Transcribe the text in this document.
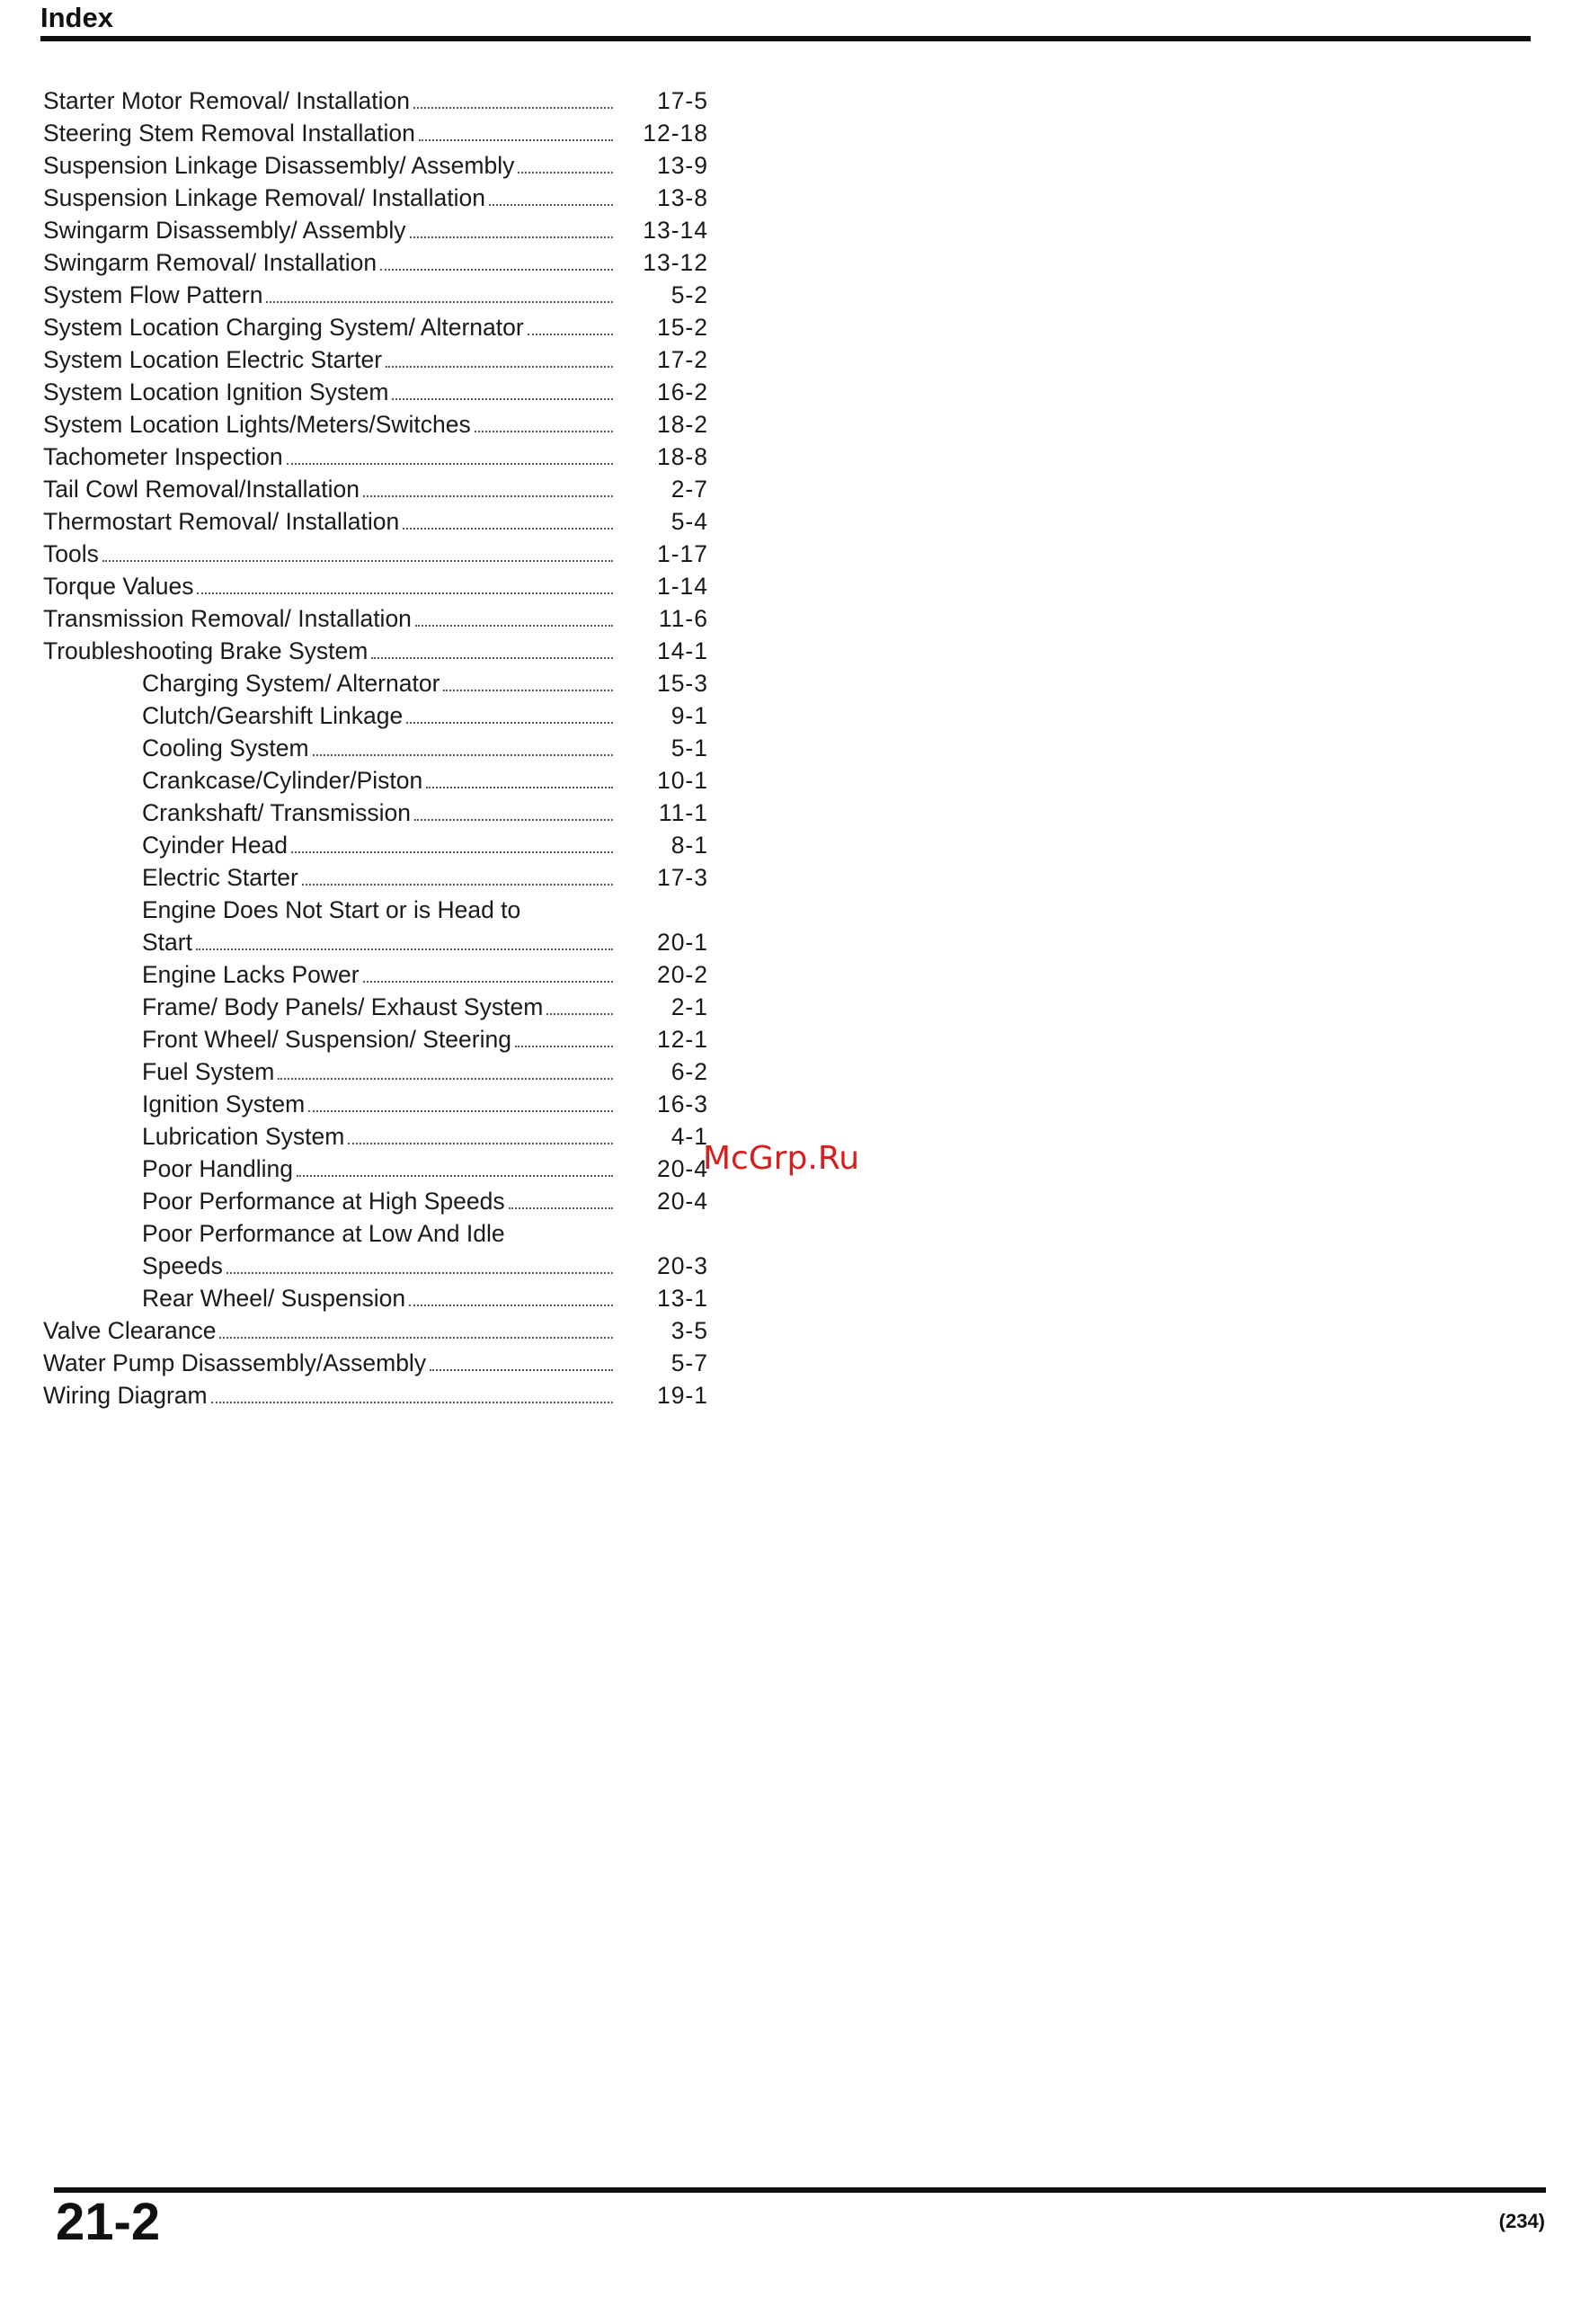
Index
Starter Motor Removal/ Installation	17-5
Steering Stem Removal Installation	12-18
Suspension Linkage Disassembly/ Assembly	13-9
Suspension Linkage Removal/ Installation	13-8
Swingarm Disassembly/ Assembly	13-14
Swingarm Removal/ Installation	13-12
System Flow Pattern	5-2
System Location Charging System/ Alternator	15-2
System Location Electric Starter	17-2
System Location Ignition System	16-2
System Location Lights/Meters/Switches	18-2
Tachometer Inspection	18-8
Tail Cowl Removal/Installation	2-7
Thermostart Removal/ Installation	5-4
Tools	1-17
Torque Values	1-14
Transmission Removal/ Installation	11-6
Troubleshooting Brake System	14-1
Charging System/ Alternator	15-3
Clutch/Gearshift Linkage	9-1
Cooling System	5-1
Crankcase/Cylinder/Piston	10-1
Crankshaft/ Transmission	11-1
Cyinder Head	8-1
Electric Starter	17-3
Engine Does Not Start or is Head to
Start	20-1
Engine Lacks Power	20-2
Frame/ Body Panels/ Exhaust System	2-1
Front Wheel/ Suspension/ Steering	12-1
Fuel System	6-2
Ignition System	16-3
Lubrication System	4-1
Poor Handling	20-4
Poor Performance at High Speeds	20-4
Poor Performance at Low And Idle
Speeds	20-3
Rear Wheel/ Suspension	13-1
Valve Clearance	3-5
Water Pump Disassembly/Assembly	5-7
Wiring Diagram	19-1
McGrp.Ru
21-2	(234)
